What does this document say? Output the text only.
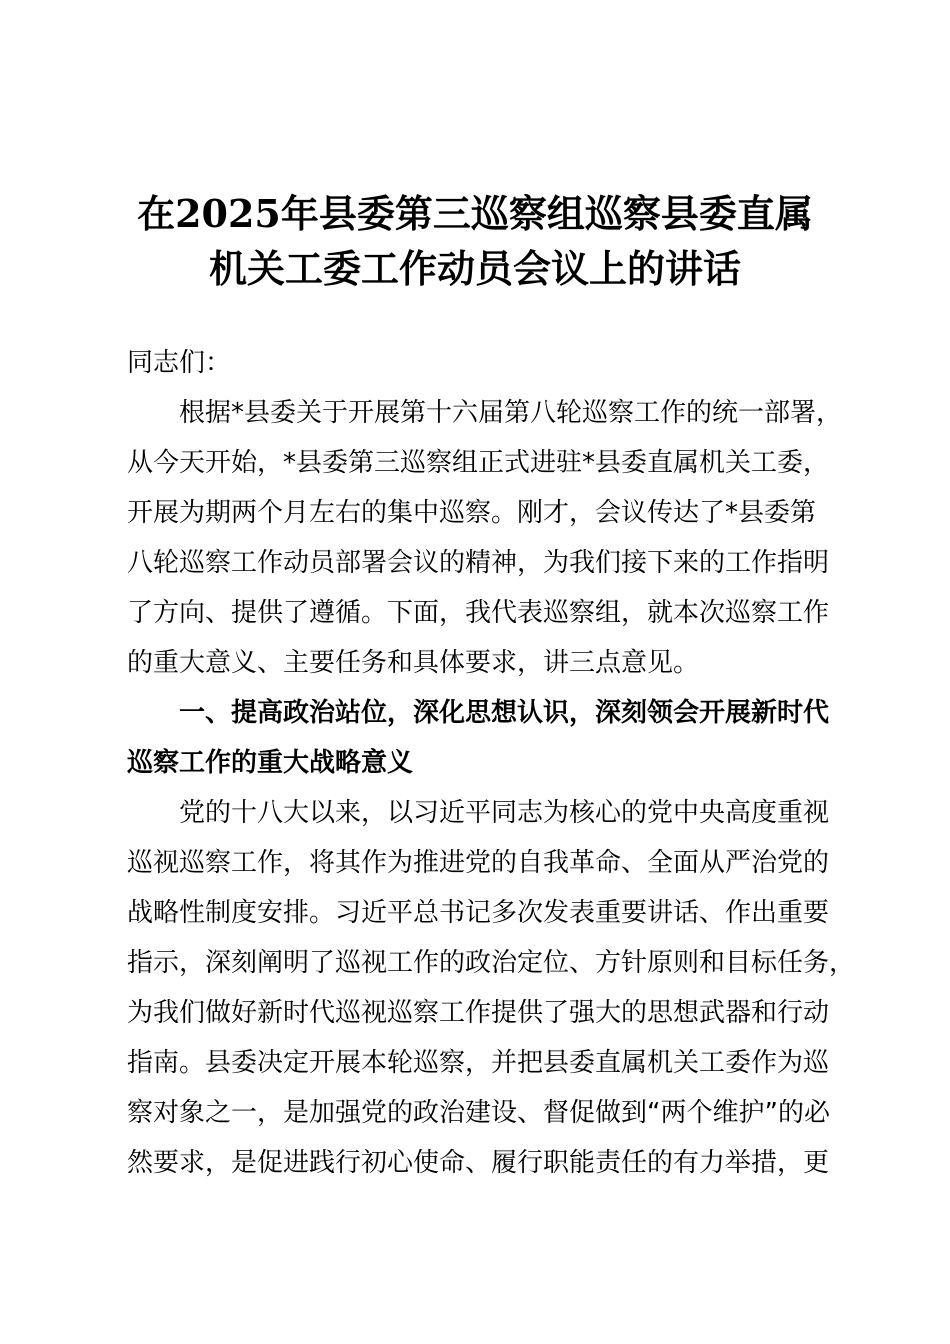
在2025年县委第三巡察组巡察县委直属
机关工委工作动员会议上的讲话
同志们：
根据*县委关于开展第十六届第八轮巡察工作的统一部署，
从今天开始，*县委第三巡察组正式进驻*县委直属机关工委，
开展为期两个月左右的集中巡察。刚才，会议传达了*县委第
八轮巡察工作动员部署会议的精神，为我们接下来的工作指明
了方向、提供了遵循。下面，我代表巡察组，就本次巡察工作
的重大意义、主要任务和具体要求，讲三点意见。
一、提高政治站位，深化思想认识，深刻领会开展新时代
巡察工作的重大战略意义
党的十八大以来，以习近平同志为核心的党中央高度重视
巡视巡察工作，将其作为推进党的自我革命、全面从严治党的
战略性制度安排。习近平总书记多次发表重要讲话、作出重要
指示，深刻阐明了巡视工作的政治定位、方针原则和目标任务，
为我们做好新时代巡视巡察工作提供了强大的思想武器和行动
指南。县委决定开展本轮巡察，并把县委直属机关工委作为巡
察对象之一，是加强党的政治建设、督促做到“两个维护”的必
然要求，是促进践行初心使命、履行职能责任的有力举措，更
